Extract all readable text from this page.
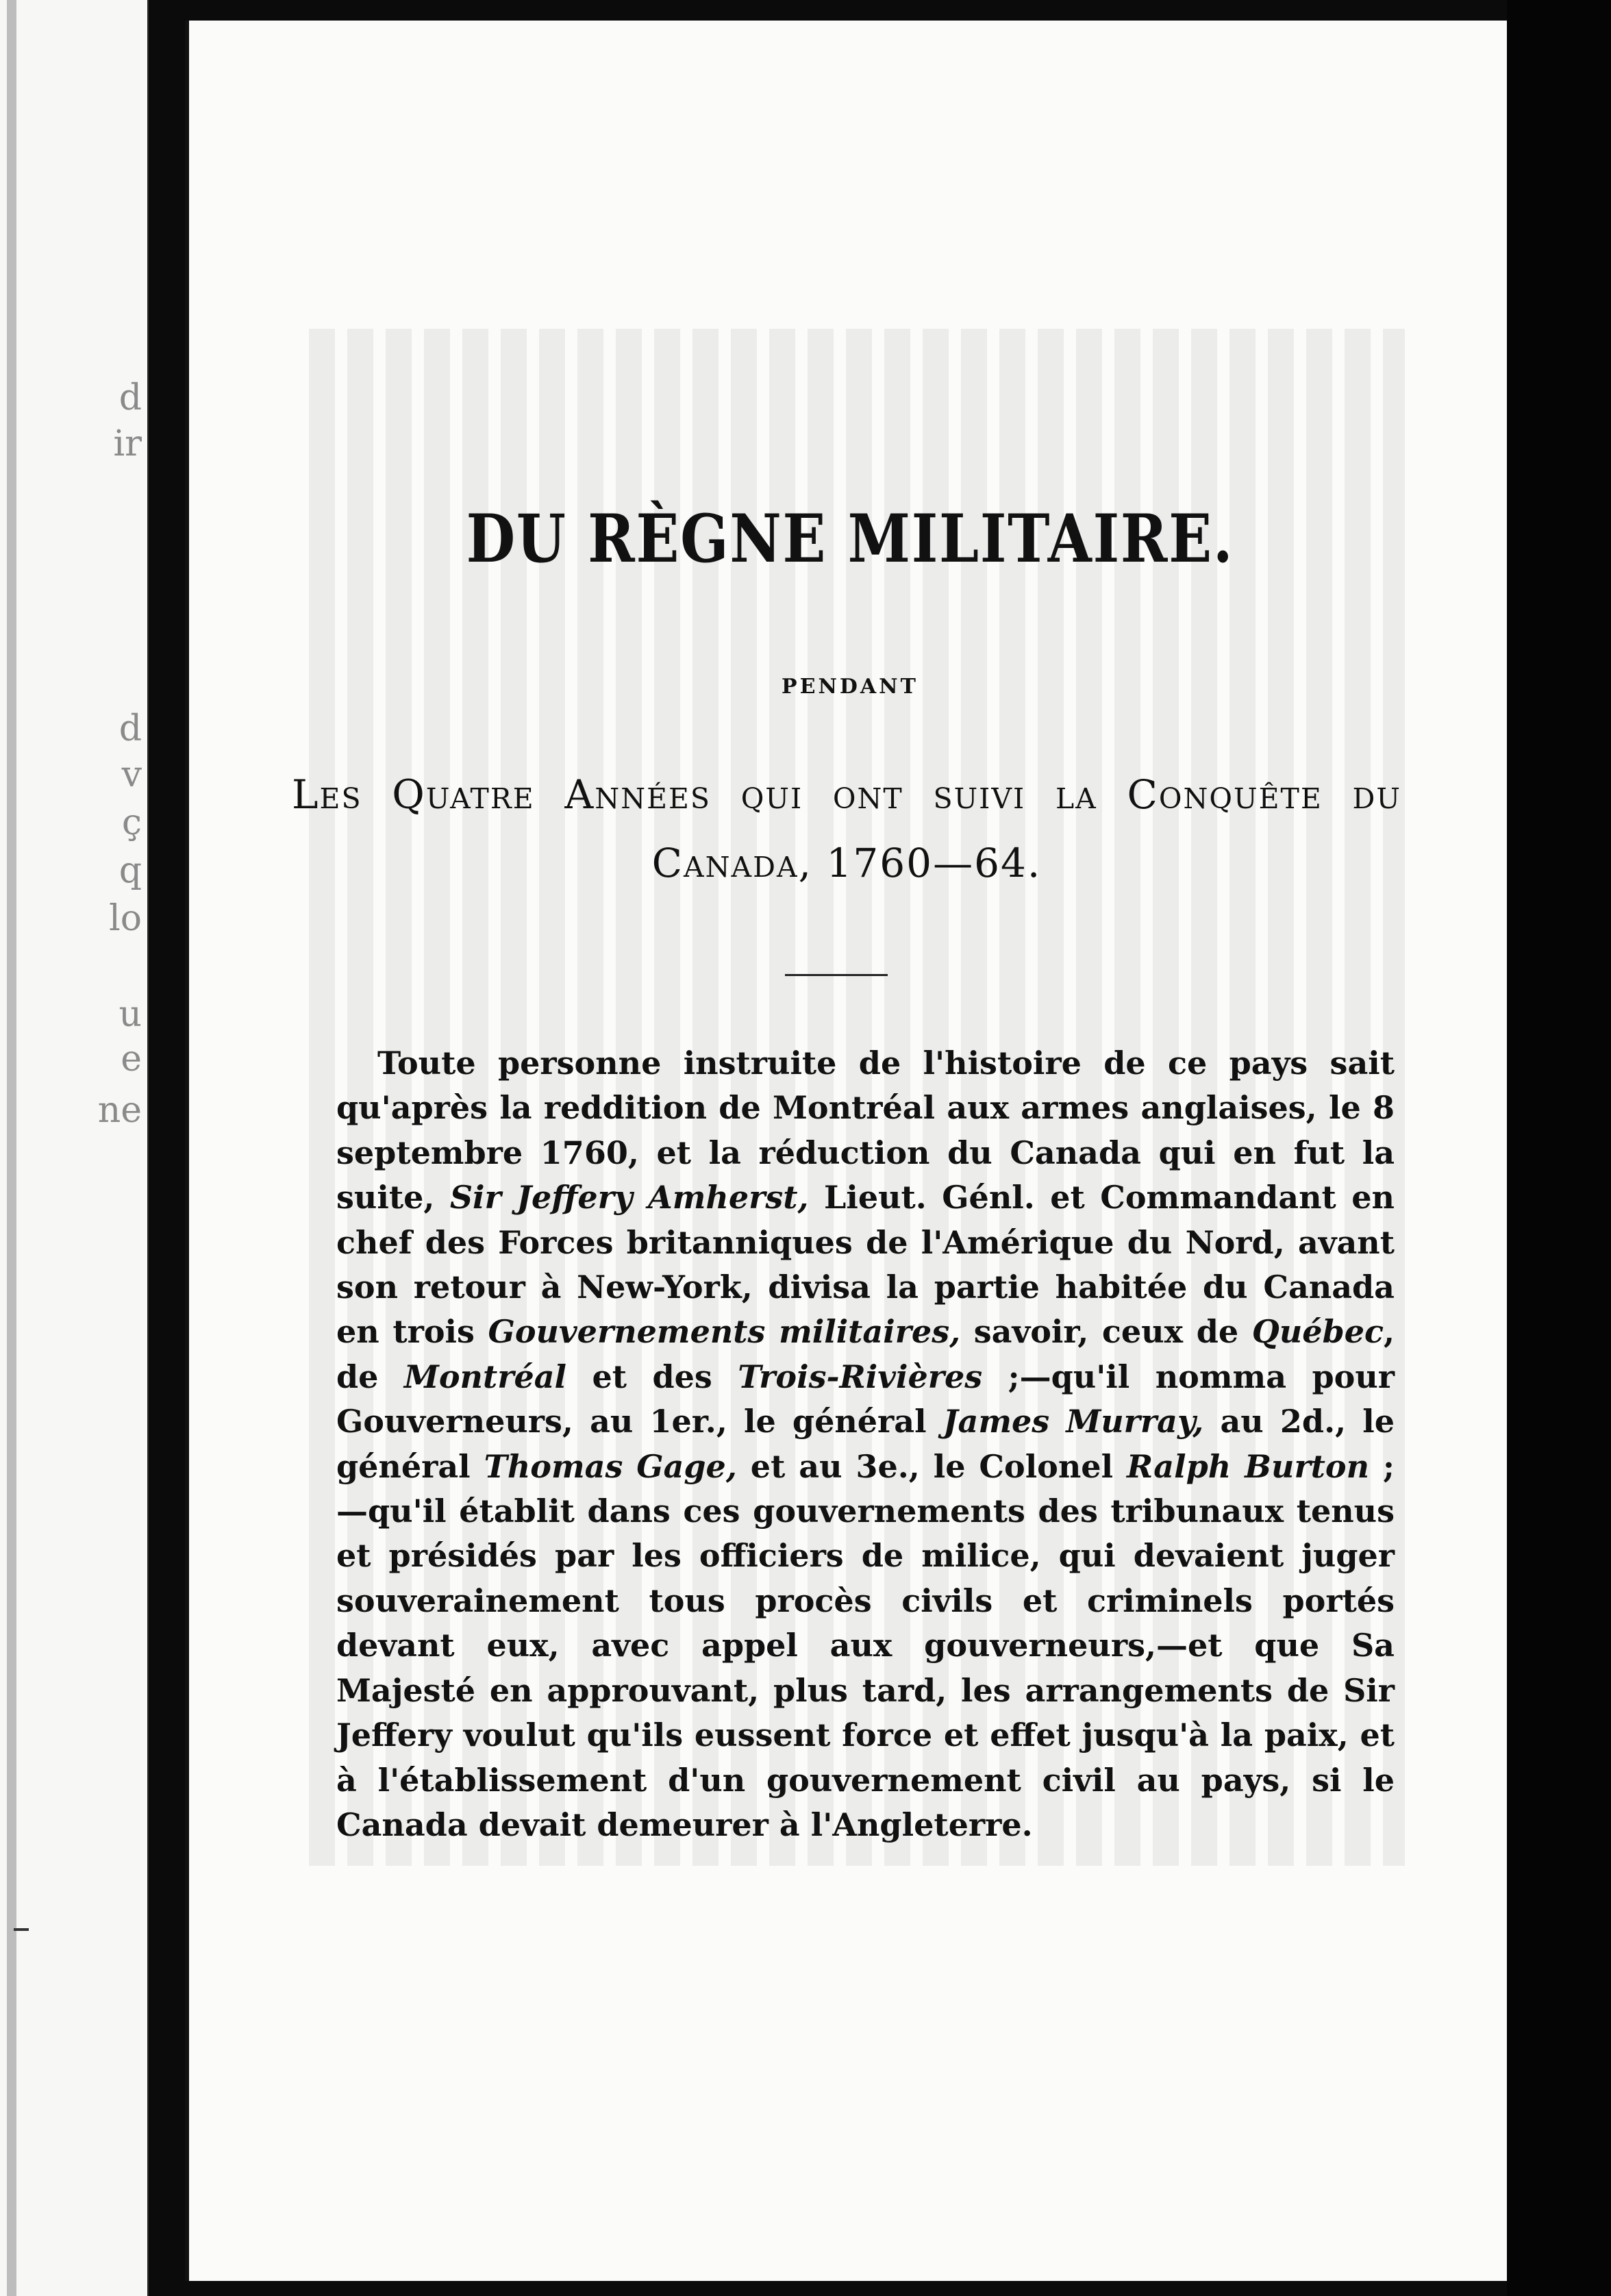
d
ir
d
v
ç
q
lo
u
e
ne
DU RÈGNE MILITAIRE.
PENDANT
Les Quatre Années qui ont suivi la Conquête du Canada, 1760—64.

Toute personne instruite de l'histoire de ce pays sait qu'après la reddition de Montréal aux armes anglaises, le 8 septembre 1760, et la réduction du Canada qui en fut la suite, Sir Jeffery Amherst, Lieut. Génl. et Commandant en chef des Forces britanniques de l'Amérique du Nord, avant son retour à New-York, divisa la partie habitée du Canada en trois Gouvernements militaires, savoir, ceux de Québec, de Montréal et des Trois-Rivières ;—qu'il nomma pour Gouverneurs, au 1er., le général James Murray, au 2d., le général Thomas Gage, et au 3e., le Colonel Ralph Burton ;—qu'il établit dans ces gouvernements des tribunaux tenus et présidés par les officiers de milice, qui devaient juger souverainement tous procès civils et criminels portés devant eux, avec appel aux gouverneurs,—et que Sa Majesté en approuvant, plus tard, les arrangements de Sir Jeffery voulut qu'ils eussent force et effet jusqu'à la paix, et à l'établissement d'un gouvernement civil au pays, si le Canada devait demeurer à l'Angleterre.
